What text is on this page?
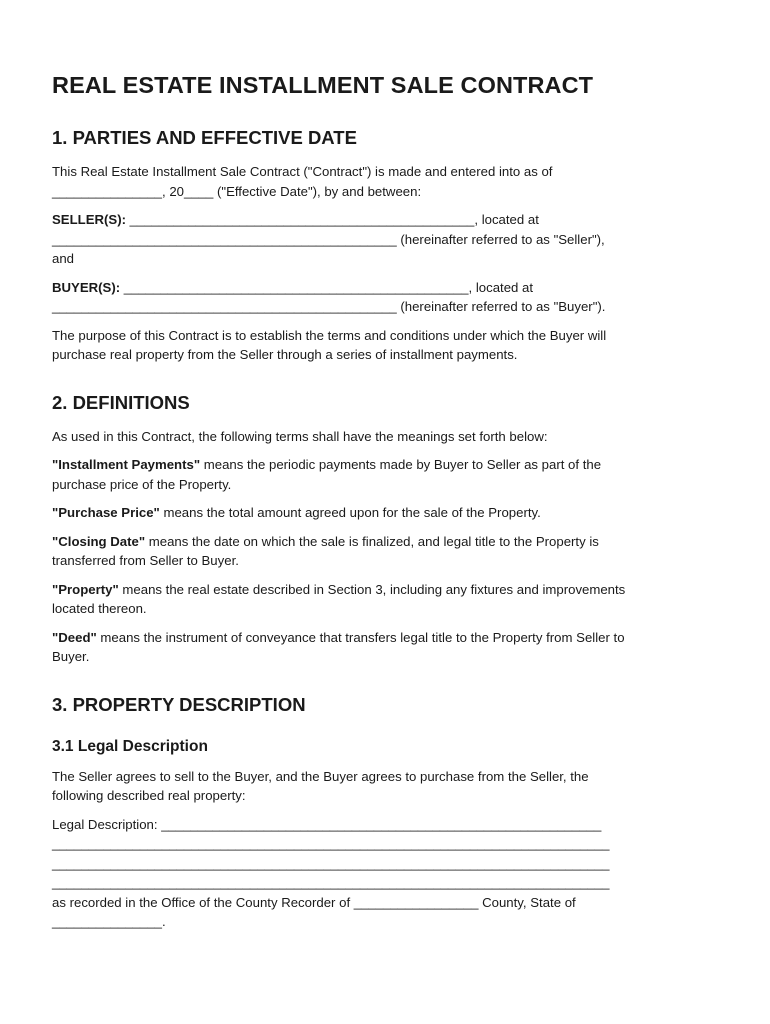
REAL ESTATE INSTALLMENT SALE CONTRACT
1. PARTIES AND EFFECTIVE DATE

This Real Estate Installment Sale Contract ("Contract") is made and entered into as of
_______________, 20____ ("Effective Date"), by and between:

SELLER(S): _______________________________________________, located at
_______________________________________________ (hereinafter referred to as "Seller"),
and

BUYER(S): _______________________________________________, located at
_______________________________________________ (hereinafter referred to as "Buyer").

The purpose of this Contract is to establish the terms and conditions under which the Buyer will
purchase real property from the Seller through a series of installment payments.

2. DEFINITIONS

As used in this Contract, the following terms shall have the meanings set forth below:

"Installment Payments" means the periodic payments made by Buyer to Seller as part of the
purchase price of the Property.

"Purchase Price" means the total amount agreed upon for the sale of the Property.

"Closing Date" means the date on which the sale is finalized, and legal title to the Property is
transferred from Seller to Buyer.

"Property" means the real estate described in Section 3, including any fixtures and improvements
located thereon.

"Deed" means the instrument of conveyance that transfers legal title to the Property from Seller to
Buyer.

3. PROPERTY DESCRIPTION
3.1 Legal Description

The Seller agrees to sell to the Buyer, and the Buyer agrees to purchase from the Seller, the
following described real property:

Legal Description: ____________________________________________________________
____________________________________________________________________________
____________________________________________________________________________
____________________________________________________________________________
as recorded in the Office of the County Recorder of _________________ County, State of
_______________.
